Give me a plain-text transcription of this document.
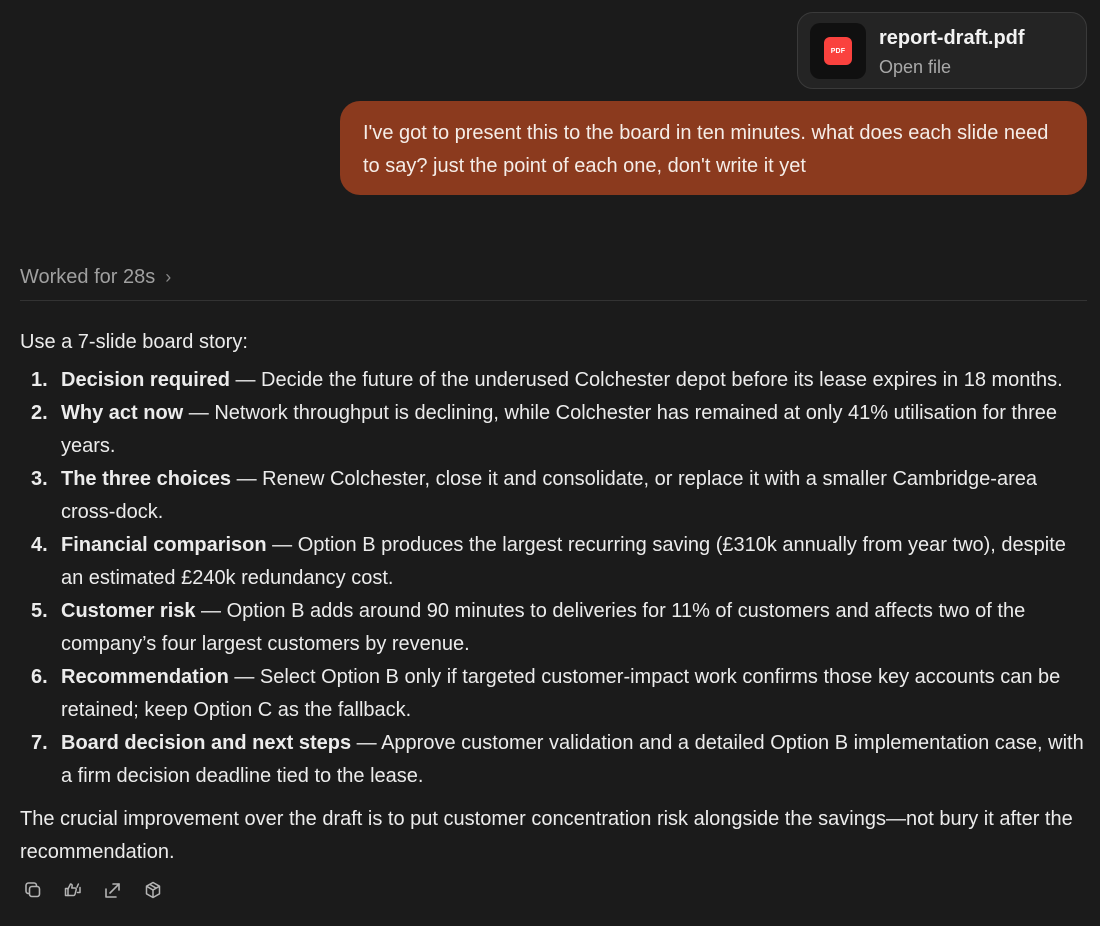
PDF
report-draft.pdf
Open file
I've got to present this to the board in ten minutes. what does each slide need to say? just the point of each one, don't write it yet
Worked for 28s ›

Use a 7-slide board story:

1. Decision required — Decide the future of the underused Colchester depot before its lease expires in 18 months.
2. Why act now — Network throughput is declining, while Colchester has remained at only 41% utilisation for three years.
3. The three choices — Renew Colchester, close it and consolidate, or replace it with a smaller Cambridge-area cross-dock.
4. Financial comparison — Option B produces the largest recurring saving (£310k annually from year two), despite an estimated £240k redundancy cost.
5. Customer risk — Option B adds around 90 minutes to deliveries for 11% of customers and affects two of the company’s four largest customers by revenue.
6. Recommendation — Select Option B only if targeted customer-impact work confirms those key accounts can be retained; keep Option C as the fallback.
7. Board decision and next steps — Approve customer validation and a detailed Option B implementation case, with a firm decision deadline tied to the lease.

The crucial improvement over the draft is to put customer concentration risk alongside the savings—not bury it after the recommendation.
